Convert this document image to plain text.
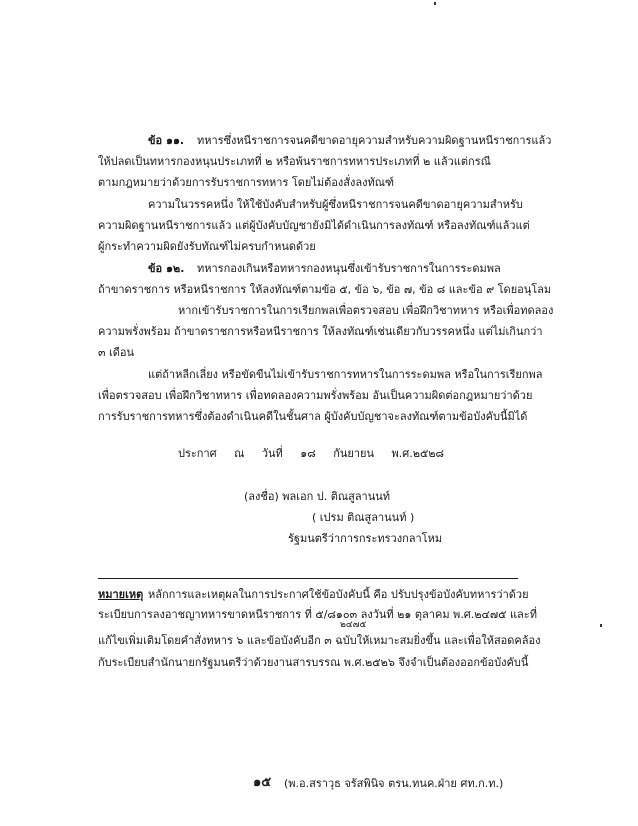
ข้อ ๑๑. ทหารซึ่งหนีราชการจนคดีขาดอายุความสำหรับความผิดฐานหนีราชการแล้ว
ให้ปลดเป็นทหารกองหนุนประเภทที่ ๒ หรือพ้นราชการทหารประเภทที่ ๒ แล้วแต่กรณี
ตามกฎหมายว่าด้วยการรับราชการทหาร โดยไม่ต้องสั่งลงทัณฑ์
ความในวรรคหนึ่ง ให้ใช้บังคับสำหรับผู้ซึ่งหนีราชการจนคดีขาดอายุความสำหรับ
ความผิดฐานหนีราชการแล้ว แต่ผู้บังคับบัญชายังมิได้ดำเนินการลงทัณฑ์ หรือลงทัณฑ์แล้วแต่
ผู้กระทำความผิดยังรับทัณฑ์ไม่ครบกำหนดด้วย
ข้อ ๑๒. ทหารกองเกินหรือทหารกองหนุนซึ่งเข้ารับราชการในการระดมพล
ถ้าขาดราชการ หรือหนีราชการ ให้ลงทัณฑ์ตามข้อ ๕, ข้อ ๖, ข้อ ๗, ข้อ ๘ และข้อ ๙ โดยอนุโลม
หากเข้ารับราชการในการเรียกพลเพื่อตรวจสอบ เพื่อฝึกวิชาทหาร หรือเพื่อทดลอง
ความพรั่งพร้อม ถ้าขาดราชการหรือหนีราชการ ให้ลงทัณฑ์เช่นเดียวกับวรรคหนึ่ง แต่ไม่เกินกว่า
๓ เดือน
แต่ถ้าหลีกเลี่ยง หรือขัดขืนไม่เข้ารับราชการทหารในการระดมพล หรือในการเรียกพล
เพื่อตรวจสอบ เพื่อฝึกวิชาทหาร เพื่อทดลองความพรั่งพร้อม อันเป็นความผิดต่อกฎหมายว่าด้วย
การรับราชการทหารซึ่งต้องดำเนินคดีในชั้นศาล ผู้บังคับบัญชาจะลงทัณฑ์ตามข้อบังคับนี้มิได้
ประกาศ ณ วันที่ ๑๘ กันยายน พ.ศ.๒๕๒๘
(ลงชื่อ) พลเอก ป. ติณสูลานนท์
( เปรม ติณสูลานนท์ )
รัฐมนตรีว่าการกระทรวงกลาโหม
หมายเหตุ หลักการและเหตุผลในการประกาศใช้ข้อบังคับนี้ คือ ปรับปรุงข้อบังคับทหารว่าด้วย
ระเบียบการลงอาชญาทหารขาดหนีราชการ ที่ ๕/๘๑๐๓ ลงวันที่ ๒๑ ตุลาคม พ.ศ.๒๔๗๕ และที่
๒๔๗๕
แก้ไขเพิ่มเติมโดยคำสั่งทหาร ๖ และข้อบังคับอีก ๓ ฉบับให้เหมาะสมยิ่งขึ้น และเพื่อให้สอดคล้อง
กับระเบียบสำนักนายกรัฐมนตรีว่าด้วยงานสารบรรณ พ.ศ.๒๕๒๖ จึงจำเป็นต้องออกข้อบังคับนี้
๑๕ (พ.อ.สราวุธ จรัสพินิจ ตรน.ทนค.ฝ่าย ศท.ก.ท.)
